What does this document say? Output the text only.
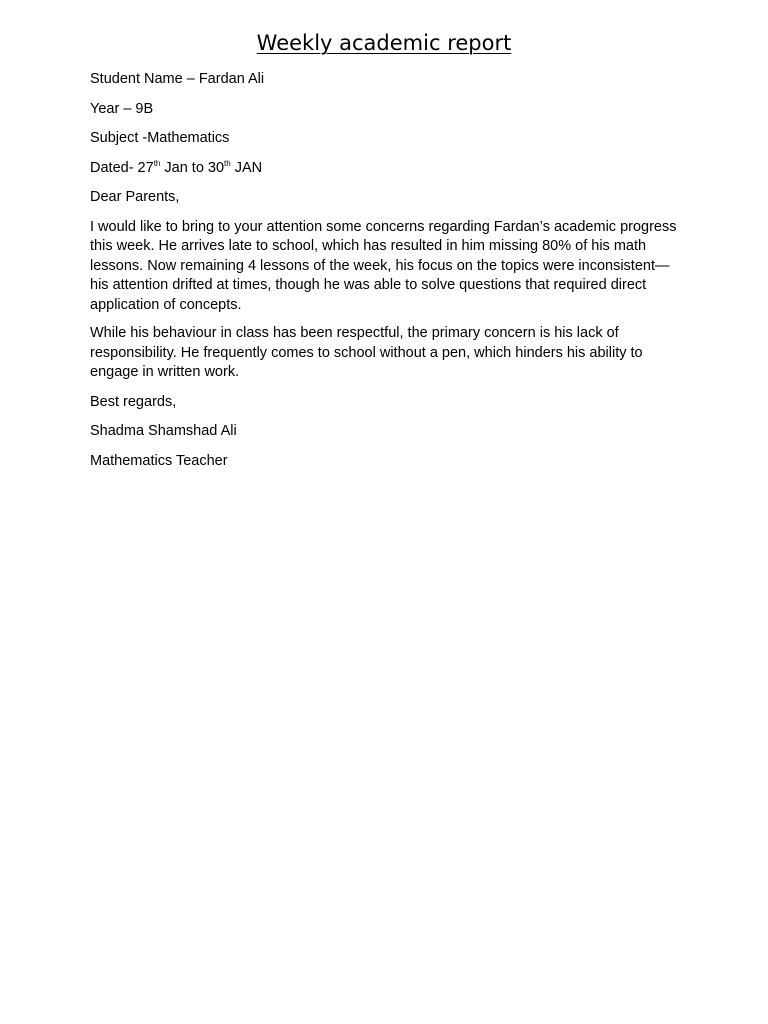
Weekly academic report

Student Name – Fardan Ali

Year – 9B

Subject -Mathematics

Dated- 27th Jan to 30th JAN

Dear Parents,

I would like to bring to your attention some concerns regarding Fardan’s academic progress this week. He arrives late to school, which has resulted in him missing 80% of his math lessons. Now remaining 4 lessons of the week, his focus on the topics were inconsistent—his attention drifted at times, though he was able to solve questions that required direct application of concepts.

While his behaviour in class has been respectful, the primary concern is his lack of responsibility. He frequently comes to school without a pen, which hinders his ability to engage in written work.

Best regards,

Shadma Shamshad Ali

Mathematics Teacher
